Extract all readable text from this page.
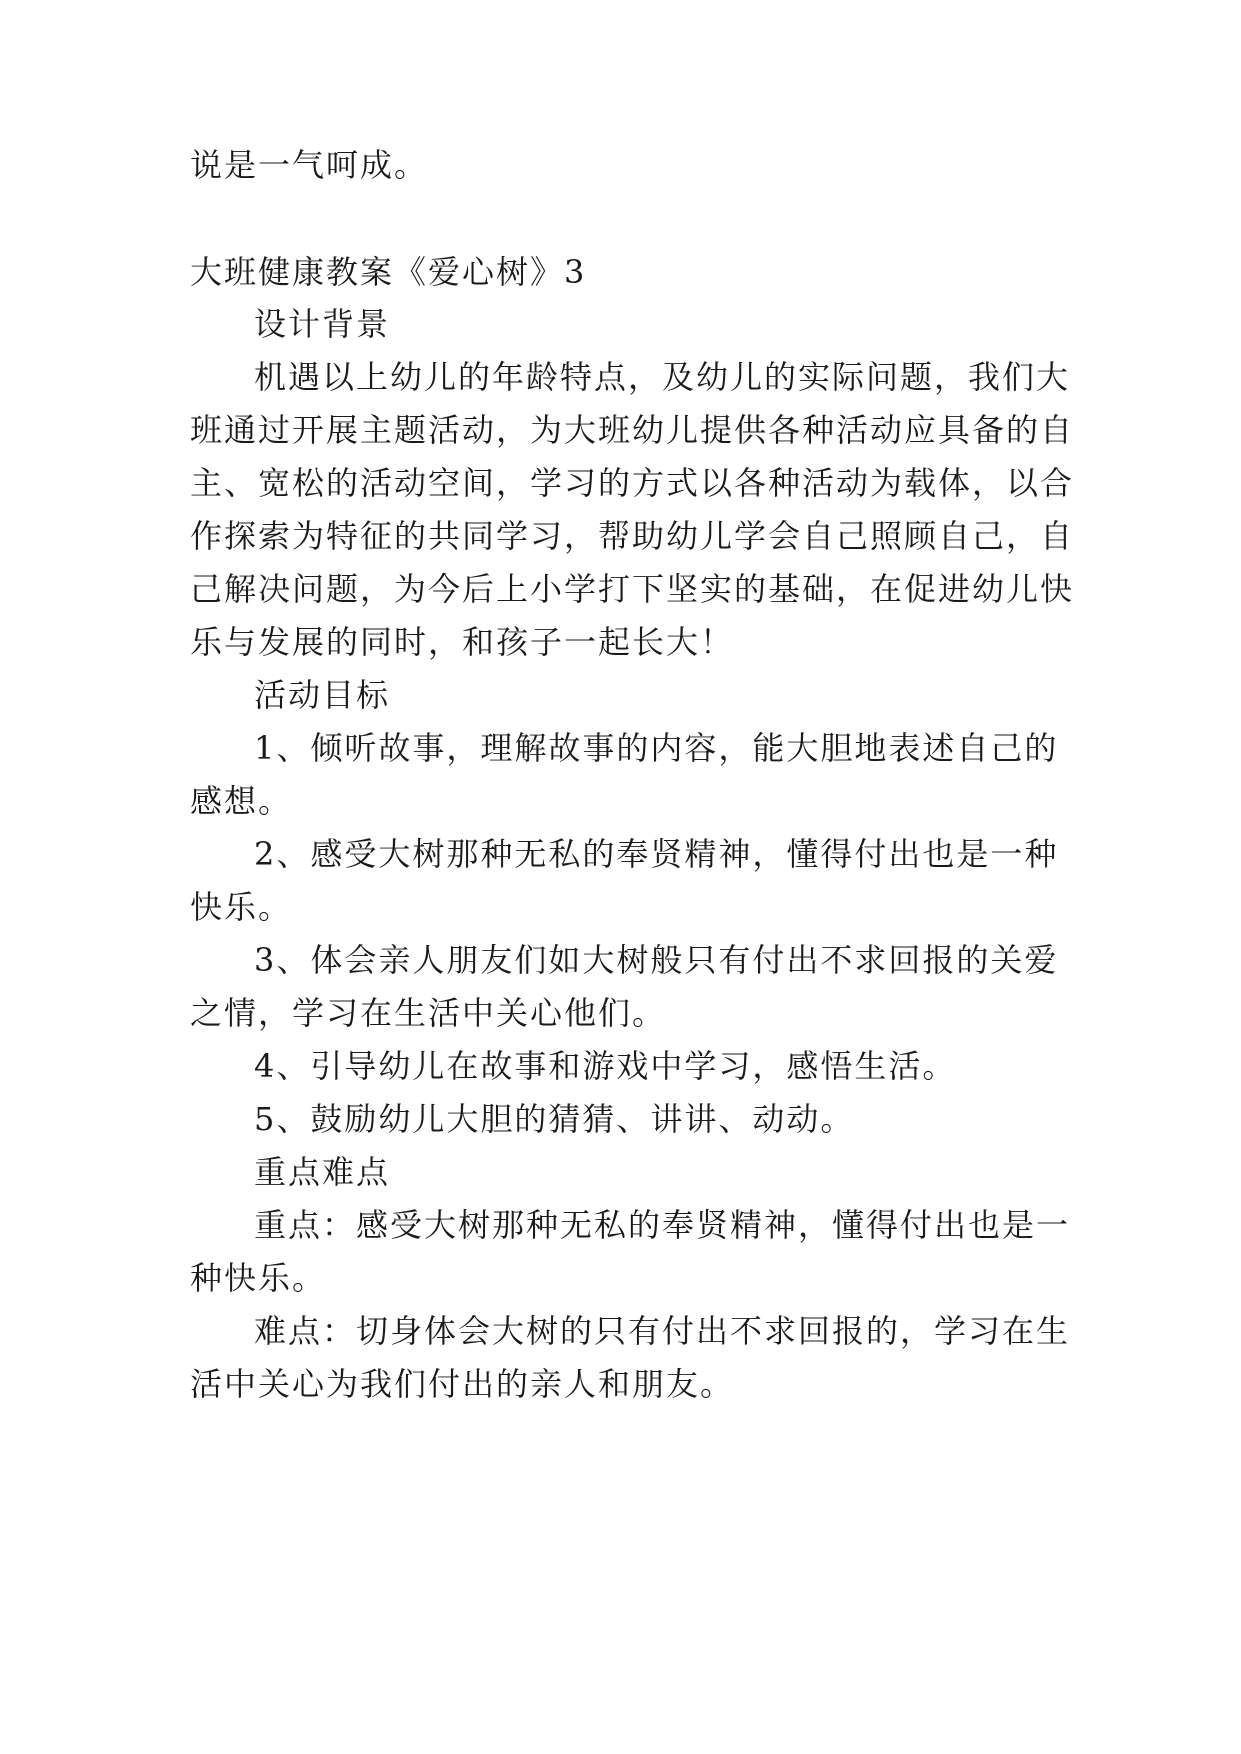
说是一气呵成。
大班健康教案《爱心树》3
设计背景
机遇以上幼儿的年龄特点，及幼儿的实际问题，我们大
班通过开展主题活动，为大班幼儿提供各种活动应具备的自
主、宽松的活动空间，学习的方式以各种活动为载体，以合
作探索为特征的共同学习，帮助幼儿学会自己照顾自己，自
己解决问题，为今后上小学打下坚实的基础，在促进幼儿快
乐与发展的同时，和孩子一起长大！
活动目标
1、倾听故事，理解故事的内容，能大胆地表述自己的
感想。
2、感受大树那种无私的奉贤精神，懂得付出也是一种
快乐。
3、体会亲人朋友们如大树般只有付出不求回报的关爱
之情，学习在生活中关心他们。
4、引导幼儿在故事和游戏中学习，感悟生活。
5、鼓励幼儿大胆的猜猜、讲讲、动动。
重点难点
重点：感受大树那种无私的奉贤精神，懂得付出也是一
种快乐。
难点：切身体会大树的只有付出不求回报的，学习在生
活中关心为我们付出的亲人和朋友。
